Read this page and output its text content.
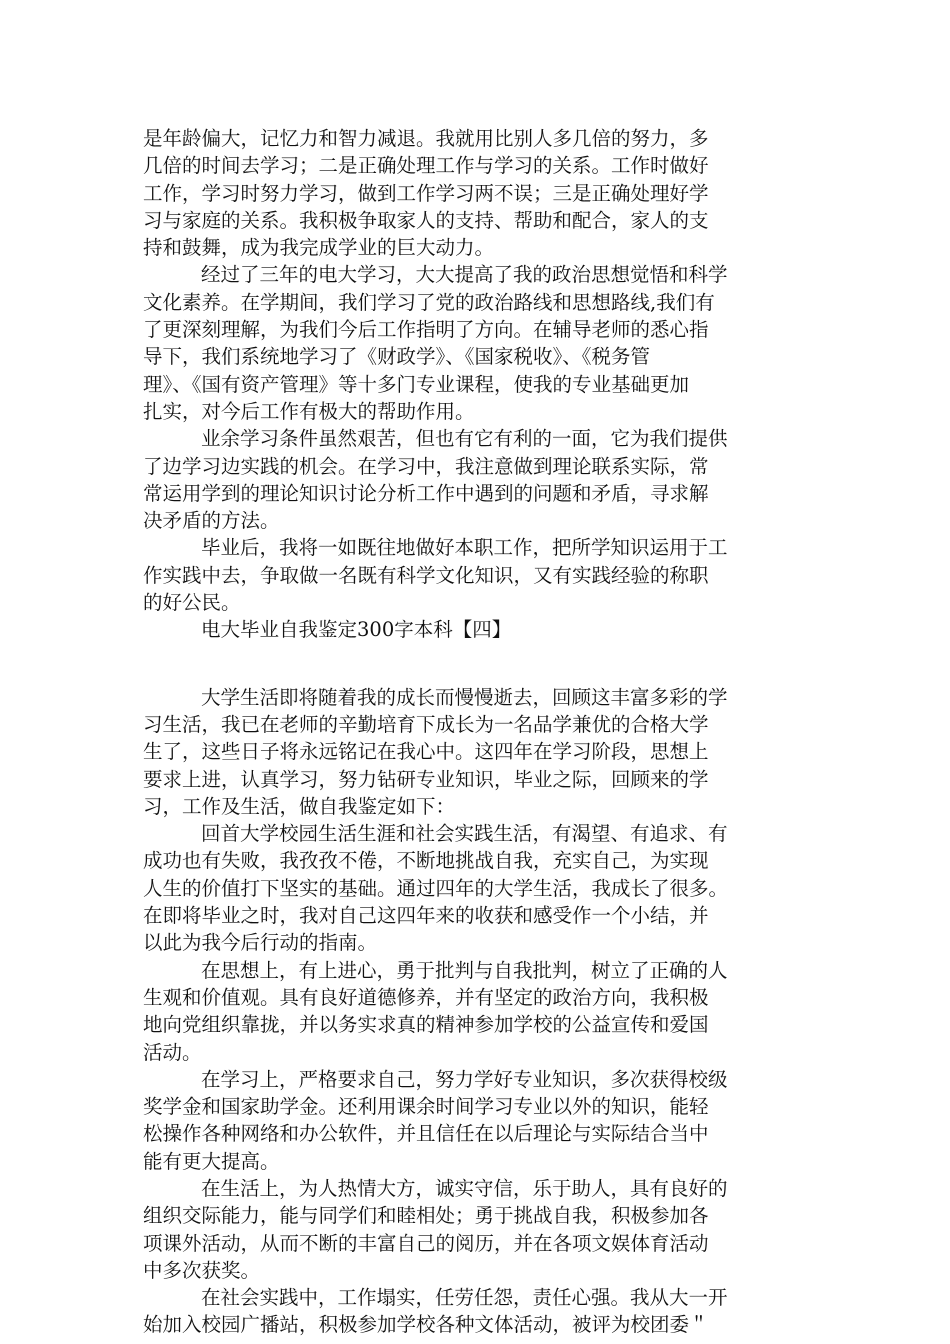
是年龄偏大，记忆力和智力减退。我就用比别人多几倍的努力，多

几倍的时间去学习；二是正确处理工作与学习的关系。工作时做好

工作，学习时努力学习，做到工作学习两不误；三是正确处理好学

习与家庭的关系。我积极争取家人的支持、帮助和配合，家人的支

持和鼓舞，成为我完成学业的巨大动力。

经过了三年的电大学习，大大提高了我的政治思想觉悟和科学

文化素养。在学期间，我们学习了党的政治路线和思想路线,我们有

了更深刻理解，为我们今后工作指明了方向。在辅导老师的悉心指

导下，我们系统地学习了《财政学》、《国家税收》、《税务管

理》、《国有资产管理》等十多门专业课程，使我的专业基础更加

扎实，对今后工作有极大的帮助作用。

业余学习条件虽然艰苦，但也有它有利的一面，它为我们提供

了边学习边实践的机会。在学习中，我注意做到理论联系实际，常

常运用学到的理论知识讨论分析工作中遇到的问题和矛盾，寻求解

决矛盾的方法。

毕业后，我将一如既往地做好本职工作，把所学知识运用于工

作实践中去，争取做一名既有科学文化知识，又有实践经验的称职

的好公民。

电大毕业自我鉴定300字本科【四】

大学生活即将随着我的成长而慢慢逝去，回顾这丰富多彩的学

习生活，我已在老师的辛勤培育下成长为一名品学兼优的合格大学

生了，这些日子将永远铭记在我心中。这四年在学习阶段，思想上

要求上进，认真学习，努力钻研专业知识，毕业之际，回顾来的学

习，工作及生活，做自我鉴定如下：

回首大学校园生活生涯和社会实践生活，有渴望、有追求、有

成功也有失败，我孜孜不倦，不断地挑战自我，充实自己，为实现

人生的价值打下坚实的基础。通过四年的大学生活，我成长了很多。

在即将毕业之时，我对自己这四年来的收获和感受作一个小结，并

以此为我今后行动的指南。

在思想上，有上进心，勇于批判与自我批判，树立了正确的人

生观和价值观。具有良好道德修养，并有坚定的政治方向，我积极

地向党组织靠拢，并以务实求真的精神参加学校的公益宣传和爱国

活动。

在学习上，严格要求自己，努力学好专业知识，多次获得校级

奖学金和国家助学金。还利用课余时间学习专业以外的知识，能轻

松操作各种网络和办公软件，并且信任在以后理论与实际结合当中

能有更大提高。

在生活上，为人热情大方，诚实守信，乐于助人，具有良好的

组织交际能力，能与同学们和睦相处；勇于挑战自我，积极参加各

项课外活动，从而不断的丰富自己的阅历，并在各项文娱体育活动

中多次获奖。

在社会实践中，工作塌实，任劳任怨，责任心强。我从大一开

始加入校园广播站，积极参加学校各种文体活动，被评为校团委＂
